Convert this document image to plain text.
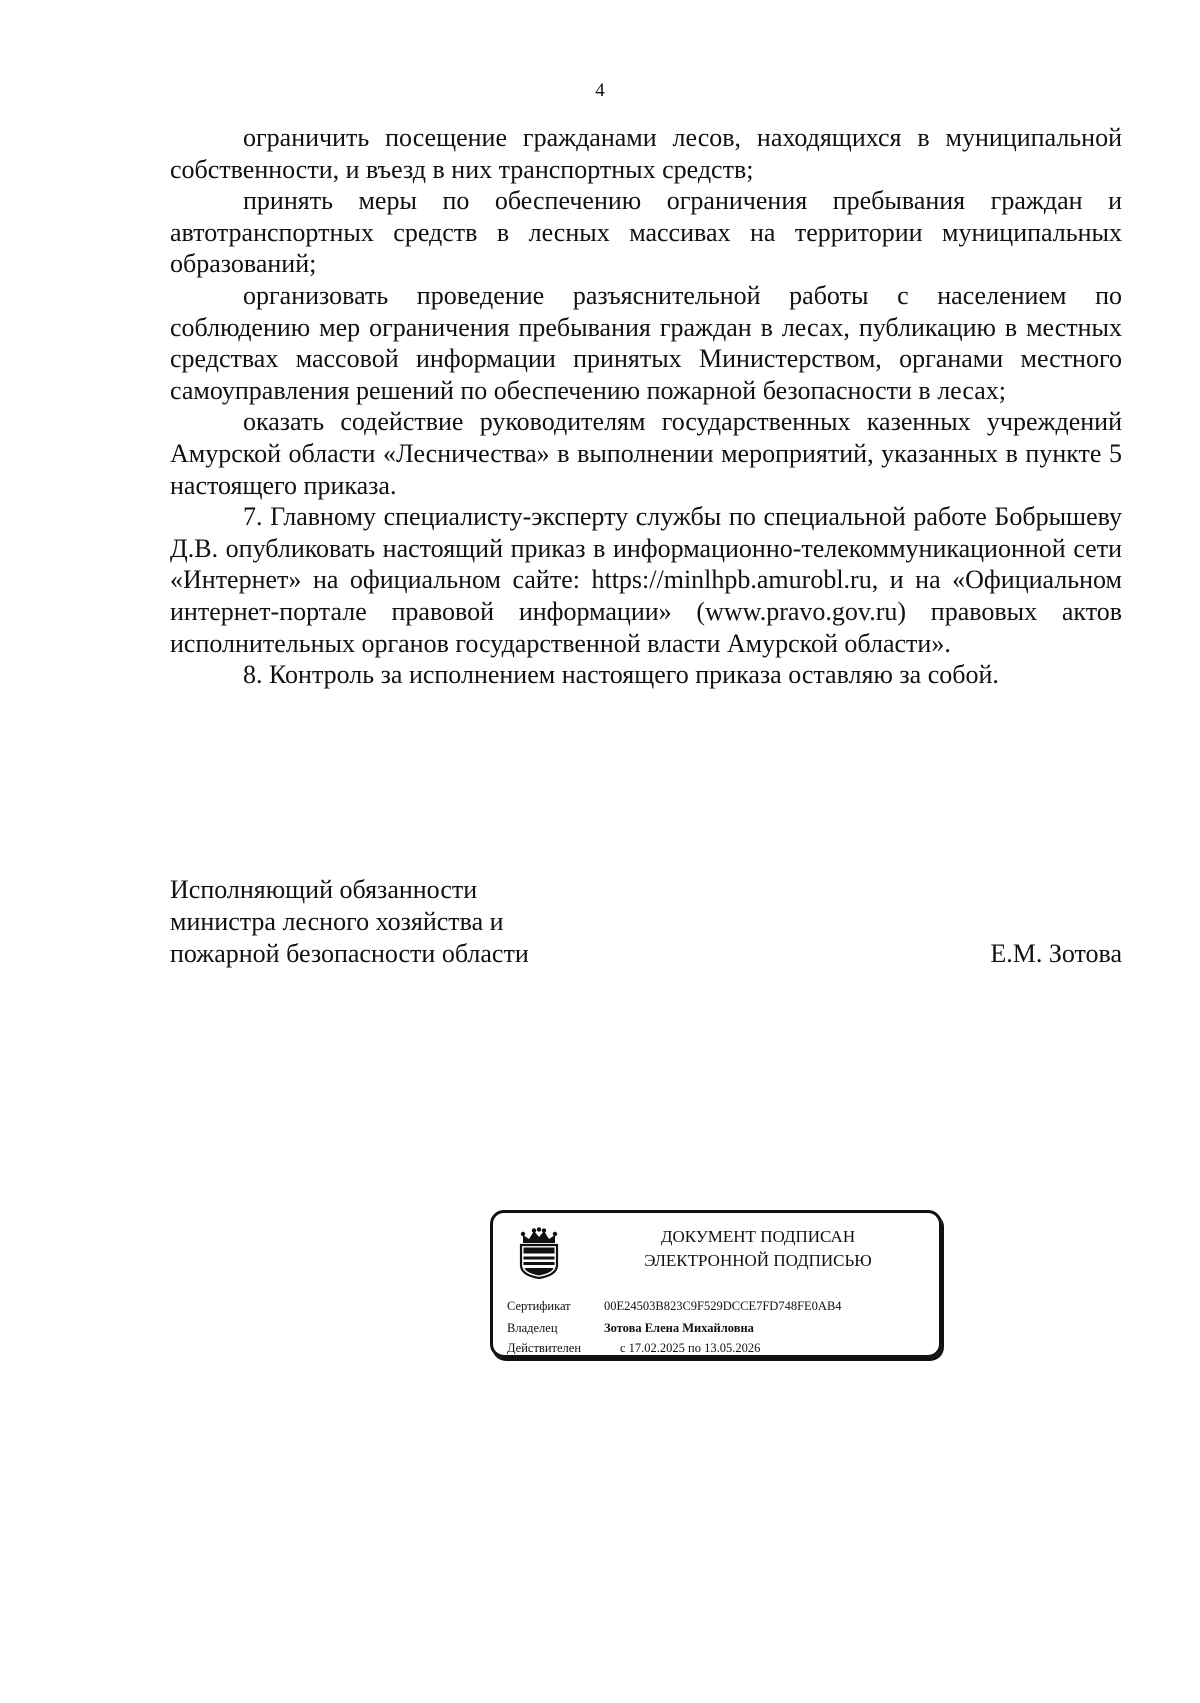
4

ограничить посещение гражданами лесов, находящихся в муниципальной собственности, и въезд в них транспортных средств;

принять меры по обеспечению ограничения пребывания граждан и автотранспортных средств в лесных массивах на территории муниципальных образований;

организовать проведение разъяснительной работы с населением по соблюдению мер ограничения пребывания граждан в лесах, публикацию в местных средствах массовой информации принятых Министерством, органами местного самоуправления решений по обеспечению пожарной безопасности в лесах;

оказать содействие руководителям государственных казенных учреждений Амурской области «Лесничества» в выполнении мероприятий, указанных в пункте 5 настоящего приказа.

7. Главному специалисту-эксперту службы по специальной работе Бобрышеву Д.В. опубликовать настоящий приказ в информационно-телекоммуникационной сети «Интернет» на официальном сайте: https://minlhpb.amurobl.ru, и на «Официальном интернет-портале правовой информации» (www.pravo.gov.ru) правовых актов исполнительных органов государственной власти Амурской области».

8. Контроль за исполнением настоящего приказа оставляю за собой.

Исполняющий обязанности
министра лесного хозяйства и
пожарной безопасности области	Е.М. Зотова
ДОКУМЕНТ ПОДПИСАН
ЭЛЕКТРОННОЙ ПОДПИСЬЮ
Сертификат	00E24503B823C9F529DCCE7FD748FE0AB4
Владелец	Зотова Елена Михайловна
Действителен	с 17.02.2025 по 13.05.2026
